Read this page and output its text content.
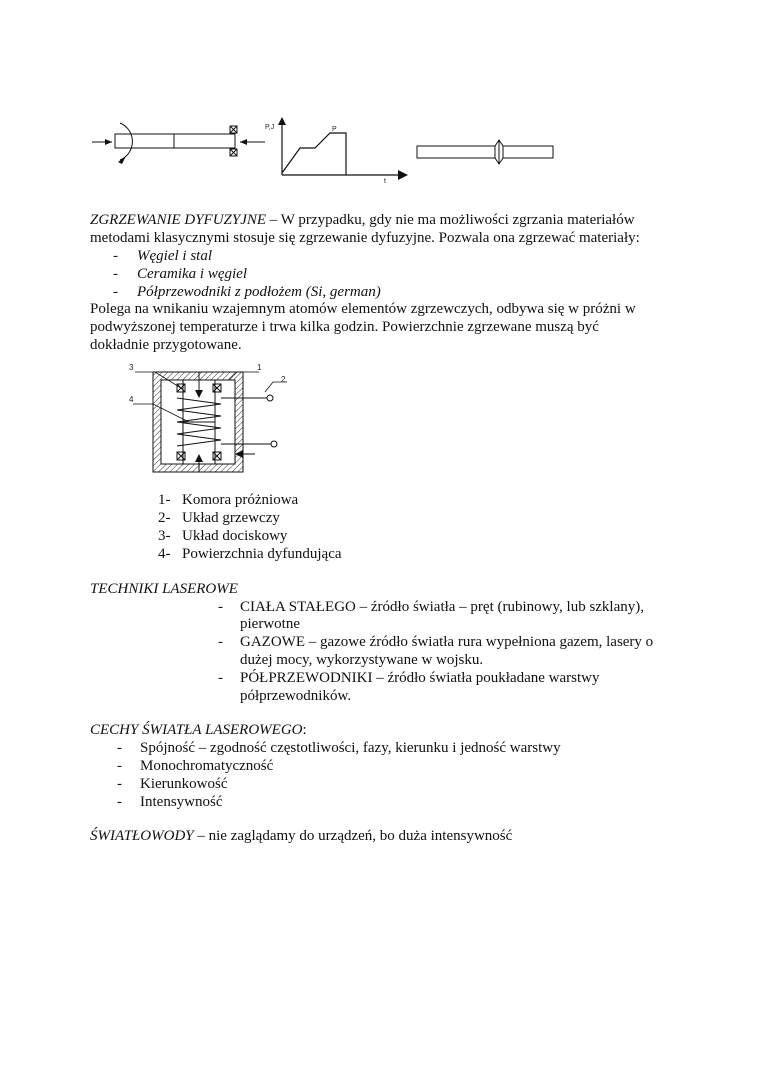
P,J	P
t
ZGRZEWANIE DYFUZYJNE – W przypadku, gdy nie ma możliwości zgrzania materiałów
metodami klasycznymi stosuje się zgrzewanie dyfuzyjne. Pozwala ona zgrzewać materiały:
- Węgiel i stal
- Ceramika i węgiel
- Półprzewodniki z podłożem (Si, german)
Polega na wnikaniu wzajemnym atomów elementów zgrzewczych, odbywa się w próżni w
podwyższonej temperaturze i trwa kilka godzin. Powierzchnie zgrzewane muszą być
dokładnie przygotowane.
3	1
2
4
1- Komora próżniowa
2- Układ grzewczy
3- Układ dociskowy
4- Powierzchnia dyfundująca
TECHNIKI LASEROWE
- CIAŁA STAŁEGO – źródło światła – pręt (rubinowy, lub szklany),
pierwotne
- GAZOWE – gazowe źródło światła rura wypełniona gazem, lasery o
dużej mocy, wykorzystywane w wojsku.
- PÓŁPRZEWODNIKI – źródło światła poukładane warstwy
półprzewodników.
CECHY ŚWIATŁA LASEROWEGO:
- Spójność – zgodność częstotliwości, fazy, kierunku i jedność warstwy
- Monochromatyczność
- Kierunkowość
- Intensywność
ŚWIATŁOWODY – nie zaglądamy do urządzeń, bo duża intensywność
